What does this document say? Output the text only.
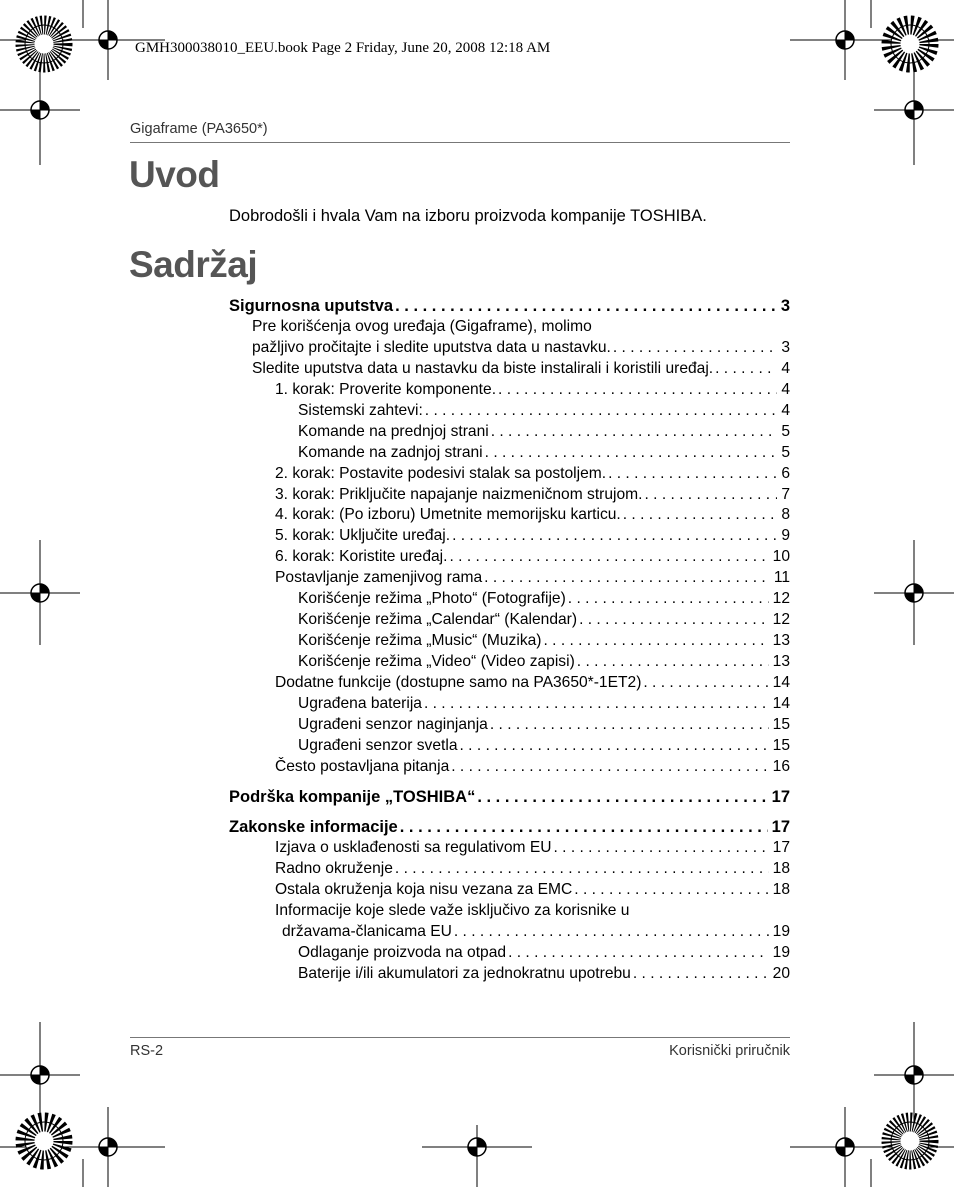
GMH300038010_EEU.book Page 2 Friday, June 20, 2008 12:18 AM
Gigaframe (PA3650*)
Uvod
Dobrodošli i hvala Vam na izboru proizvoda kompanije TOSHIBA.
Sadržaj
Sigurnosna uputstva . . .	3
Pre korišćenja ovog uređaja (Gigaframe), molimo
pažljivo pročitajte i sledite uputstva data u nastavku. . . .	3
Sledite uputstva data u nastavku da biste instalirali i koristili uređaj. . . .	4
1. korak: Proverite komponente. . . .	4
Sistemski zahtevi: . . .	4
Komande na prednjoj strani . . .	5
Komande na zadnjoj strani . . .	5
2. korak: Postavite podesivi stalak sa postoljem. . . .	6
3. korak: Priključite napajanje naizmeničnom strujom. . . .	7
4. korak: (Po izboru) Umetnite memorijsku karticu. . . .	8
5. korak: Uključite uređaj. . . .	9
6. korak: Koristite uređaj. . . .	10
Postavljanje zamenjivog rama . . .	11
Korišćenje režima „Photo“ (Fotografije) . . .	12
Korišćenje režima „Calendar“ (Kalendar) . . .	12
Korišćenje režima „Music“ (Muzika) . . .	13
Korišćenje režima „Video“ (Video zapisi) . . .	13
Dodatne funkcije (dostupne samo na PA3650*-1ET2) . . .	14
Ugrađena baterija . . .	14
Ugrađeni senzor naginjanja . . .	15
Ugrađeni senzor svetla . . .	15
Često postavljana pitanja . . .	16
Podrška kompanije „TOSHIBA“ . . .	17
Zakonske informacije . . .	17
Izjava o usklađenosti sa regulativom EU . . .	17
Radno okruženje . . .	18
Ostala okruženja koja nisu vezana za EMC . . .	18
Informacije koje slede važe isključivo za korisnike u
državama-članicama EU . . .	19
Odlaganje proizvoda na otpad . . .	19
Baterije i/ili akumulatori za jednokratnu upotrebu . . .	20
RS-2	Korisnički priručnik
